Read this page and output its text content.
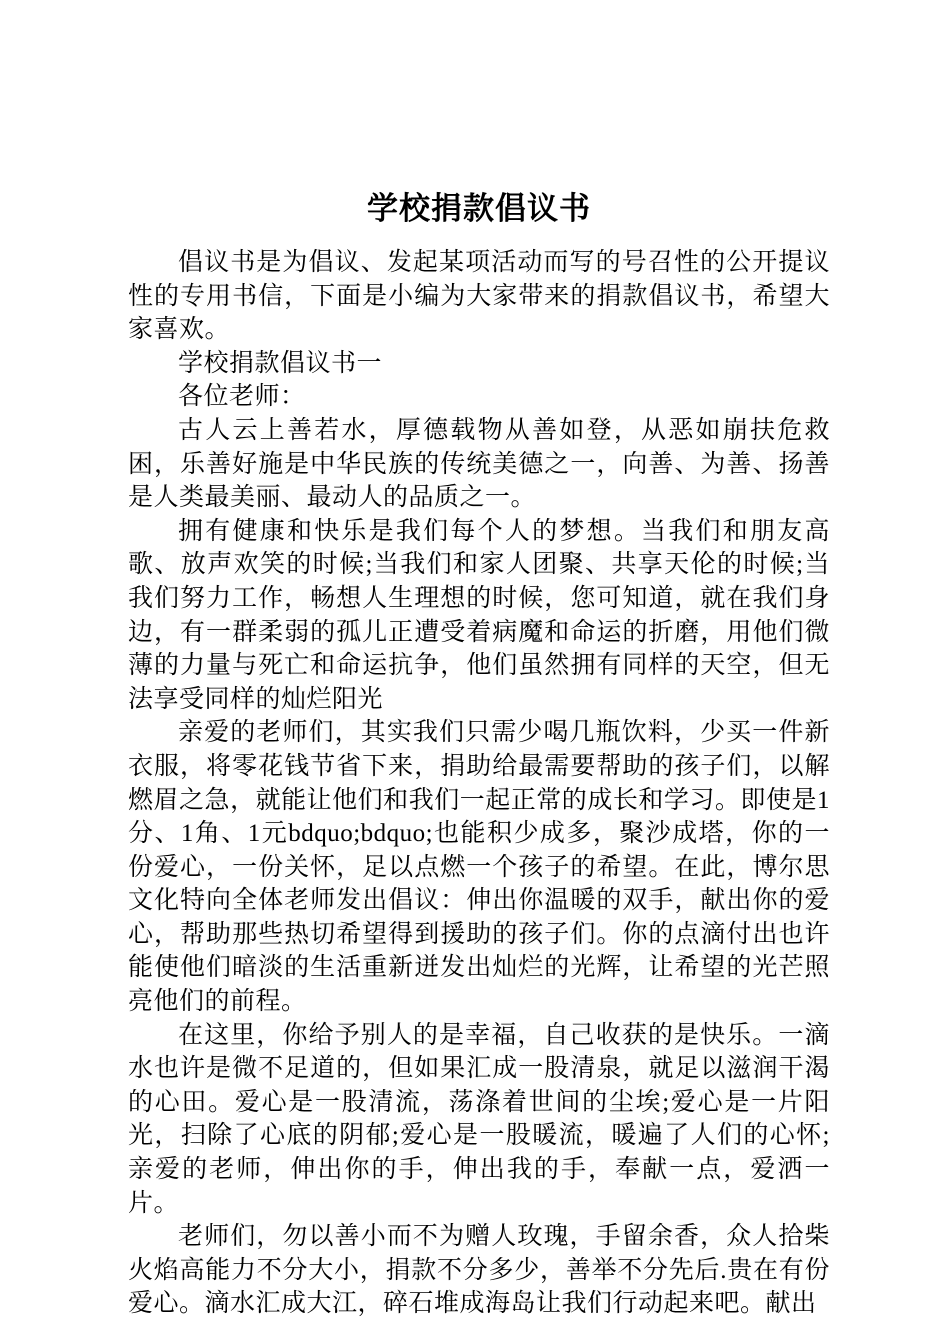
学校捐款倡议书

倡议书是为倡议、发起某项活动而写的号召性的公开提议性的专用书信，下面是小编为大家带来的捐款倡议书，希望大家喜欢。

学校捐款倡议书一

各位老师：

古人云上善若水，厚德载物从善如登，从恶如崩扶危救困，乐善好施是中华民族的传统美德之一，向善、为善、扬善是人类最美丽、最动人的品质之一。

拥有健康和快乐是我们每个人的梦想。当我们和朋友高歌、放声欢笑的时候;当我们和家人团聚、共享天伦的时候;当我们努力工作，畅想人生理想的时候，您可知道，就在我们身边，有一群柔弱的孤儿正遭受着病魔和命运的折磨，用他们微薄的力量与死亡和命运抗争，他们虽然拥有同样的天空，但无法享受同样的灿烂阳光

亲爱的老师们，其实我们只需少喝几瓶饮料，少买一件新衣服，将零花钱节省下来，捐助给最需要帮助的孩子们，以解燃眉之急，就能让他们和我们一起正常的成长和学习。即使是1分、1角、1元bdquo;bdquo;也能积少成多，聚沙成塔，你的一份爱心，一份关怀，足以点燃一个孩子的希望。在此，博尔思文化特向全体老师发出倡议：伸出你温暖的双手，献出你的爱心，帮助那些热切希望得到援助的孩子们。你的点滴付出也许能使他们暗淡的生活重新迸发出灿烂的光辉，让希望的光芒照亮他们的前程。

在这里，你给予别人的是幸福，自己收获的是快乐。一滴水也许是微不足道的，但如果汇成一股清泉，就足以滋润干渴的心田。爱心是一股清流，荡涤着世间的尘埃;爱心是一片阳光，扫除了心底的阴郁;爱心是一股暖流，暖遍了人们的心怀;亲爱的老师，伸出你的手，伸出我的手，奉献一点，爱洒一片。

老师们，勿以善小而不为赠人玫瑰，手留余香，众人拾柴火焰高能力不分大小，捐款不分多少，善举不分先后.贵在有份爱心。滴水汇成大江，碎石堆成海岛让我们行动起来吧。献出
